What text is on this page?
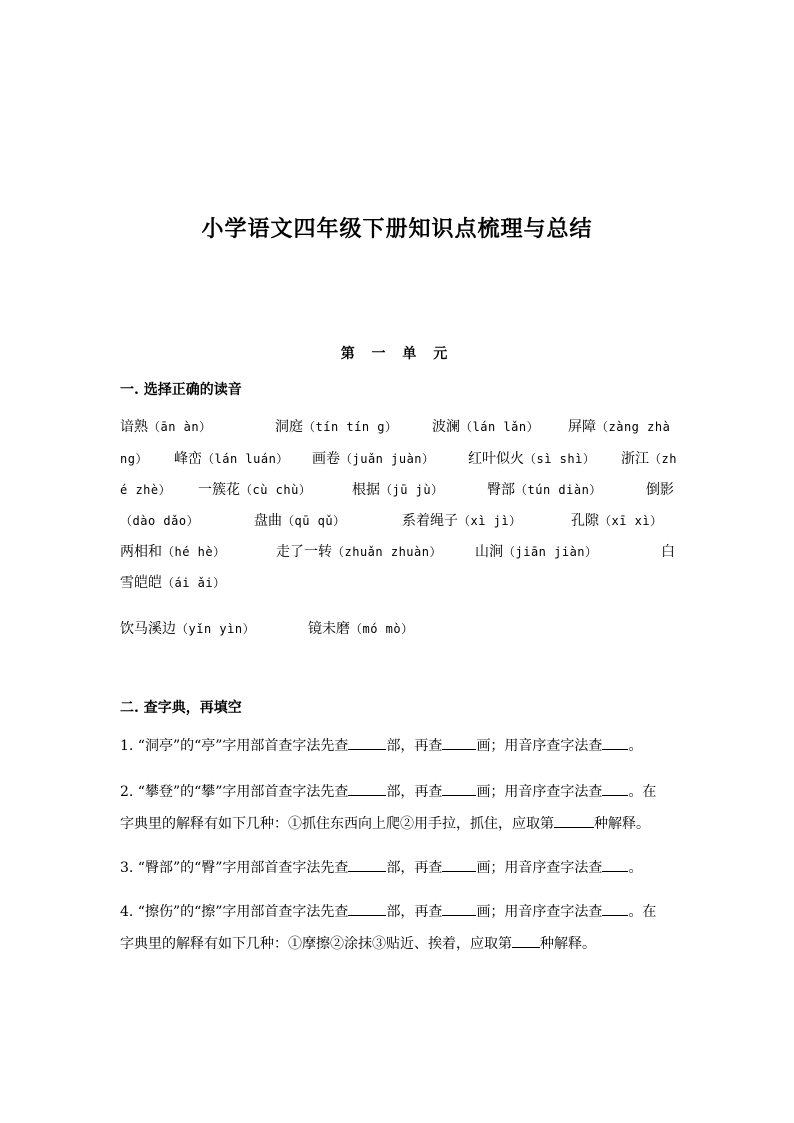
小学语文四年级下册知识点梳理与总结
第 一 单 元
一. 选择正确的读音
谙熟（ān àn）	洞庭（tín tín g） 波澜（lán lǎn） 屏障（zàng zhà
ng） 峰峦（lán luán） 画卷（juǎn juàn） 红叶似火（sì shì） 浙江（zh
é zhè） 一簇花（cù chù）	根据（jū jù）	臀部（tún diàn）	倒影
（dào dǎo）	盘曲（qū qǔ）	系着绳子（xì jì）	孔隙（xī xì）
两相和（hé hè）	走了一转（zhuǎn zhuàn） 山涧（jiān jiàn）	白
雪皑皑（ái ǎi）
饮马溪边（yǐn yìn）	镜未磨（mó mò）
二. 查字典，再填空
1. “洞亭”的“亭”字用部首查字法先查	部，再查 画；用音序查字法查 。
2. “攀登”的“攀”字用部首查字法先查	部，再查 画；用音序查字法查 。在
字典里的解释有如下几种：①抓住东西向上爬②用手拉，抓住，应取第	种解释。
3. “臀部”的“臀”字用部首查字法先查	部，再查 画；用音序查字法查 。
4. “擦伤”的“擦”字用部首查字法先查	部，再查 画；用音序查字法查 。在
字典里的解释有如下几种：①摩擦②涂抹③贴近、挨着，应取第 种解释。
